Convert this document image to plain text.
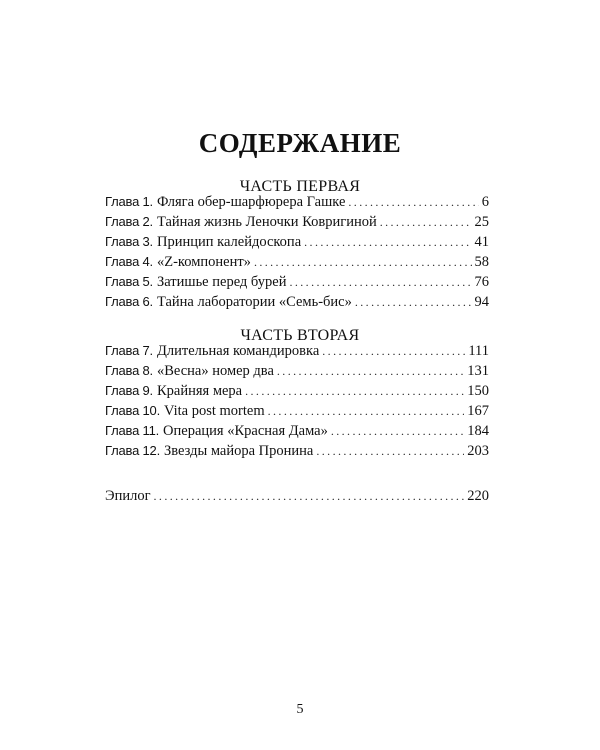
СОДЕРЖАНИЕ
ЧАСТЬ ПЕРВАЯ
Глава 1. Фляга обер-шарфюрера Гашке .....	6
Глава 2. Тайная жизнь Леночки Ковригиной .....	25
Глава 3. Принцип калейдоскопа .....	41
Глава 4. «Z-компонент» .....	58
Глава 5. Затишье перед бурей .....	76
Глава 6. Тайна лаборатории «Семь-бис» .....	94
ЧАСТЬ ВТОРАЯ
Глава 7. Длительная командировка .....	111
Глава 8. «Весна» номер два .....	131
Глава 9. Крайняя мера .....	150
Глава 10. Vita post mortem .....	167
Глава 11. Операция «Красная Дама» .....	184
Глава 12. Звезды майора Пронина .....	203
Эпилог .....	220
5
